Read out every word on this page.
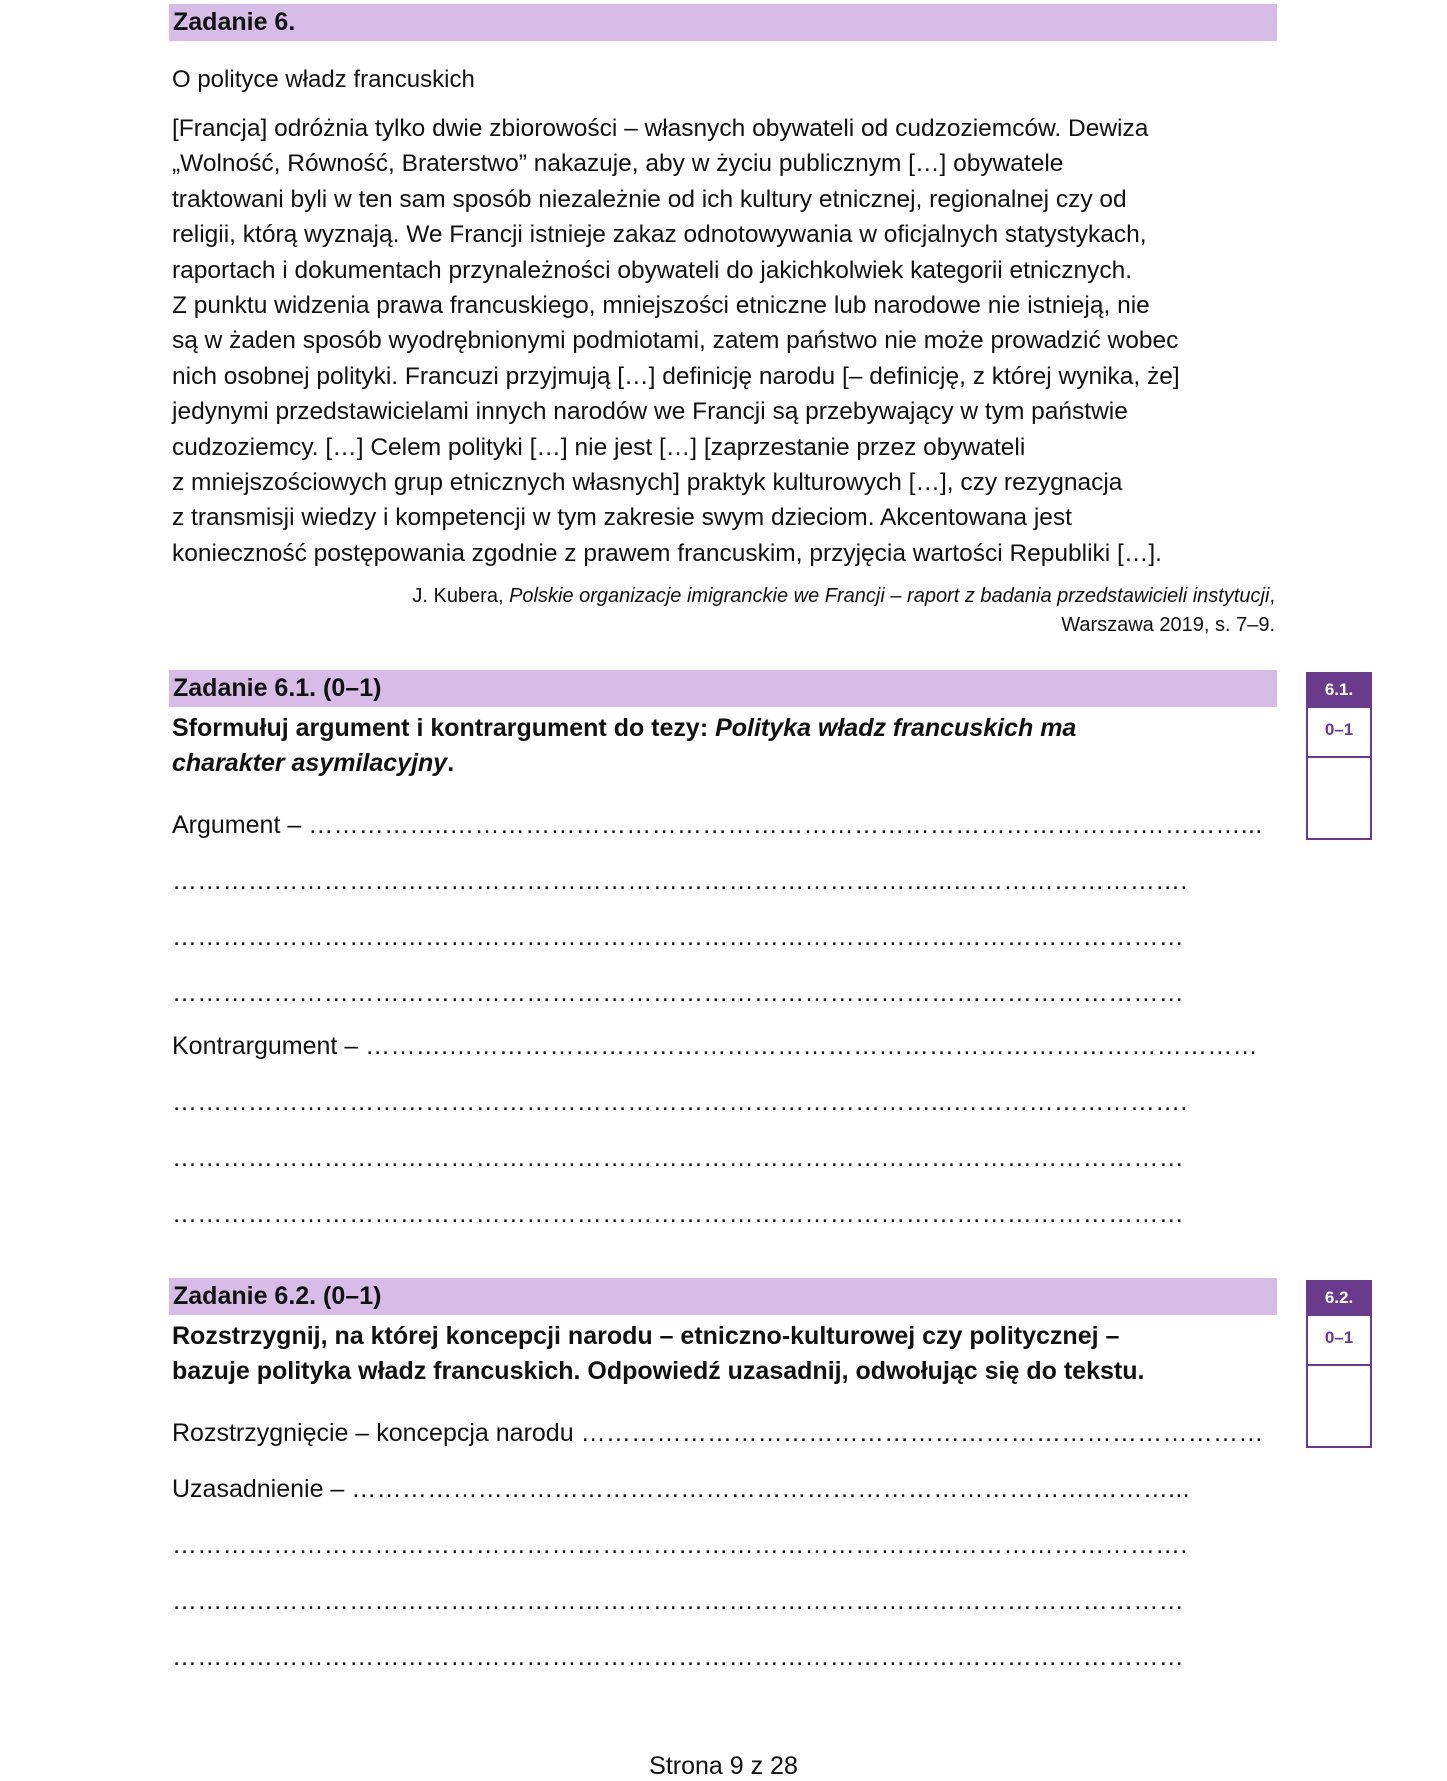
Zadanie 6.
O polityce władz francuskich

[Francja] odróżnia tylko dwie zbiorowości – własnych obywateli od cudzoziemców. Dewiza

„Wolność, Równość, Braterstwo” nakazuje, aby w życiu publicznym […] obywatele

traktowani byli w ten sam sposób niezależnie od ich kultury etnicznej, regionalnej czy od

religii, którą wyznają. We Francji istnieje zakaz odnotowywania w oficjalnych statystykach,

raportach i dokumentach przynależności obywateli do jakichkolwiek kategorii etnicznych.

Z punktu widzenia prawa francuskiego, mniejszości etniczne lub narodowe nie istnieją, nie

są w żaden sposób wyodrębnionymi podmiotami, zatem państwo nie może prowadzić wobec

nich osobnej polityki. Francuzi przyjmują […] definicję narodu [– definicję, z której wynika, że]

jedynymi przedstawicielami innych narodów we Francji są przebywający w tym państwie

cudzoziemcy. […] Celem polityki […] nie jest […] [zaprzestanie przez obywateli

z mniejszościowych grup etnicznych własnych] praktyk kulturowych […], czy rezygnacja

z transmisji wiedzy i kompetencji w tym zakresie swym dzieciom. Akcentowana jest

konieczność postępowania zgodnie z prawem francuskim, przyjęcia wartości Republiki […].

J. Kubera, Polskie organizacje imigranckie we Francji – raport z badania przedstawicieli instytucji,
Warszawa 2019, s. 7–9.
Zadanie 6.1. (0–1)
Sformułuj argument i kontrargument do tezy: Polityka władz francuskich ma
charakter asymilacyjny.
6.1.
0–1
Argument – ……………..……………………………………………………………………….…………...
………………………………………………………………………………...……………………….
…………………………………………………………………………………………………………
…………………………………………………………………………………………………………
Kontrargument – ……….……………………………………………………………………………………
………………………………………………………………………………...……………………….
…………………………………………………………………………………………………………
…………………………………………………………………………………………………………
Zadanie 6.2. (0–1)
Rozstrzygnij, na której koncepcji narodu – etniczno-kulturowej czy politycznej –
bazuje polityka władz francuskich. Odpowiedź uzasadnij, odwołując się do tekstu.
6.2.
0–1
Rozstrzygnięcie – koncepcja narodu ………………………………………………………………………
Uzasadnienie – …………………………………………………………………………….………...
………………………………………………………………………………...……………………….
…………………………………………………………………………………………………………
…………………………………………………………………………………………………………
Strona 9 z 28
